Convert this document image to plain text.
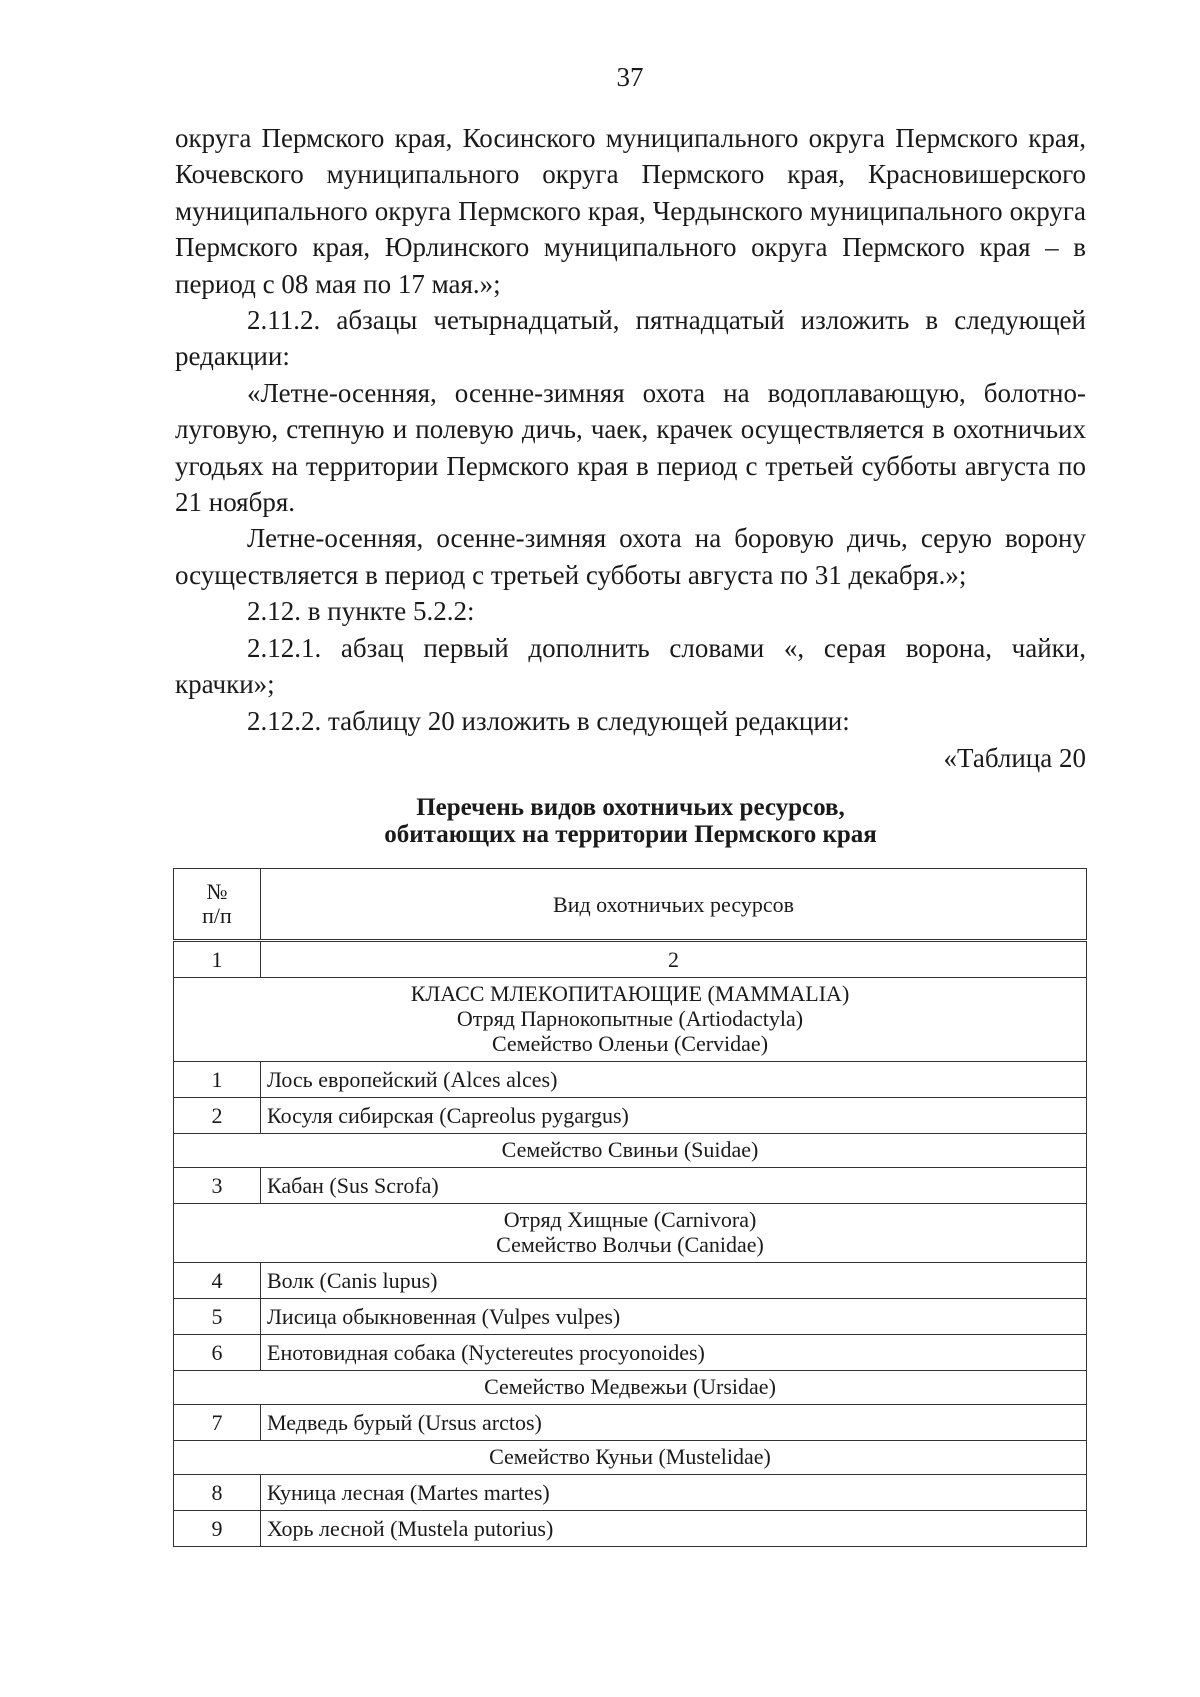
37

округа Пермского края, Косинского муниципального округа Пермского края, Кочевского муниципального округа Пермского края, Красновишерского муниципального округа Пермского края, Чердынского муниципального округа Пермского края, Юрлинского муниципального округа Пермского края – в период с 08 мая по 17 мая.»;

2.11.2. абзацы четырнадцатый, пятнадцатый изложить в следующей редакции:

«Летне-осенняя, осенне-зимняя охота на водоплавающую, болотно-луговую, степную и полевую дичь, чаек, крачек осуществляется в охотничьих угодьях на территории Пермского края в период с третьей субботы августа по 21 ноября.

Летне-осенняя, осенне-зимняя охота на боровую дичь, серую ворону осуществляется в период с третьей субботы августа по 31 декабря.»;

2.12. в пункте 5.2.2:

2.12.1. абзац первый дополнить словами «, серая ворона, чайки, крачки»;

2.12.2. таблицу 20 изложить в следующей редакции:

«Таблица 20
Перечень видов охотничьих ресурсов,
обитающих на территории Пермского края
№
п/п	Вид охотничьих ресурсов
1	2

КЛАСС МЛЕКОПИТАЮЩИЕ (MAMMALIA)
Отряд Парнокопытные (Artiodactyla)
Семейство Оленьи (Cervidae)	

1	Лось европейский (Alces alces)
2	Косуля сибирская (Capreolus pygargus)

Семейство Свиньи (Suidae)	

3	Кабан (Sus Scrofa)

Отряд Хищные (Carnivora)
Семейство Волчьи (Canidae)	

4	Волк (Canis lupus)
5	Лисица обыкновенная (Vulpes vulpes)
6	Енотовидная собака (Nyctereutes procyonoides)

Семейство Медвежьи (Ursidae)	

7	Медведь бурый (Ursus arctos)

Семейство Куньи (Mustelidae)	

8	Куница лесная (Martes martes)
9	Хорь лесной (Mustela putorius)
